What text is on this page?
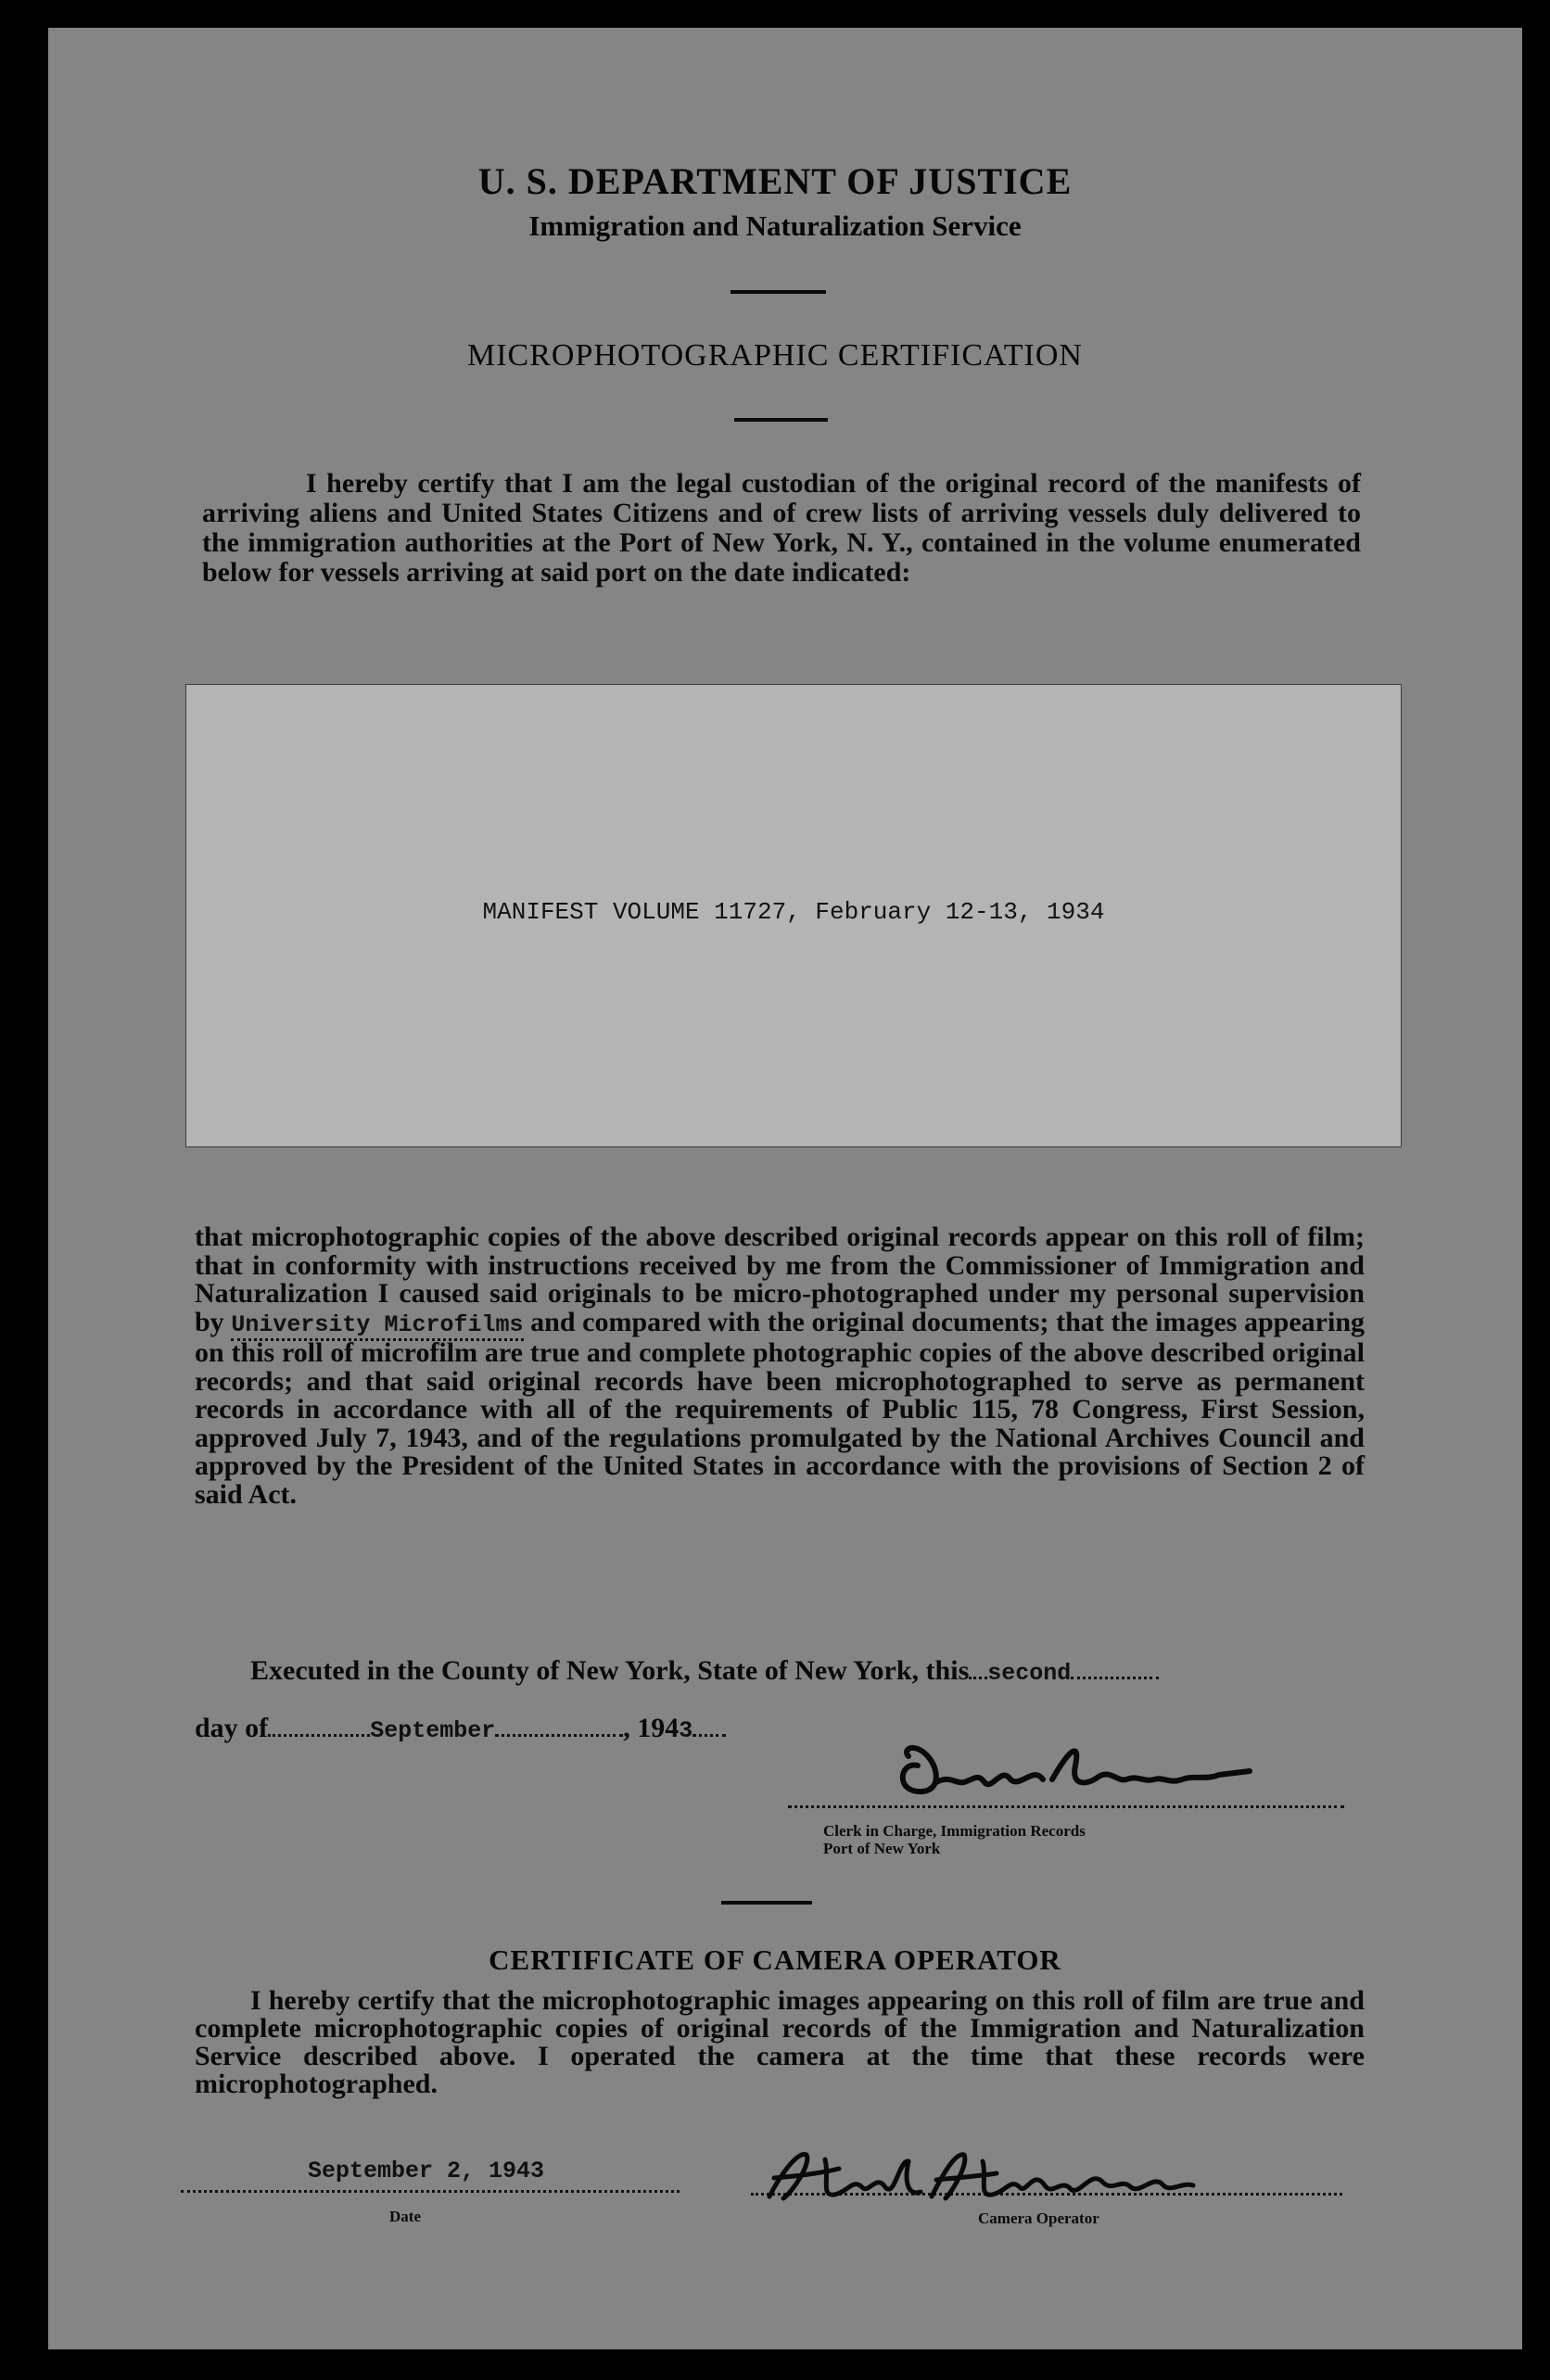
U. S. DEPARTMENT OF JUSTICE
Immigration and Naturalization Service
MICROPHOTOGRAPHIC CERTIFICATION

I hereby certify that I am the legal custodian of the original record of the manifests of arriving aliens and United States Citizens and of crew lists of arriving vessels duly delivered to the immigration authorities at the Port of New York, N. Y., contained in the volume enumerated below for vessels arriving at said port on the date indicated:

MANIFEST VOLUME 11727, February 12-13, 1934

that microphotographic copies of the above described original records appear on this roll of film; that in conformity with instructions received by me from the Commissioner of Immigration and Naturalization I caused said originals to be micro-photographed under my personal supervision by University Microfilms and compared with the original documents; that the images appearing on this roll of microfilm are true and complete photographic copies of the above described original records; and that said original records have been microphotographed to serve as permanent records in accordance with all of the requirements of Public 115, 78 Congress, First Session, approved July 7, 1943, and of the regulations promulgated by the National Archives Council and approved by the President of the United States in accordance with the provisions of Section 2 of said Act.

Executed in the County of New York, State of New York, this second
day of	September	, 1943
Clerk in Charge, Immigration Records
Port of New York
CERTIFICATE OF CAMERA OPERATOR

I hereby certify that the microphotographic images appearing on this roll of film are true and complete microphotographic copies of original records of the Immigration and Naturalization Service described above. I operated the camera at the time that these records were microphotographed.

September 2, 1943
Date	Camera Operator
